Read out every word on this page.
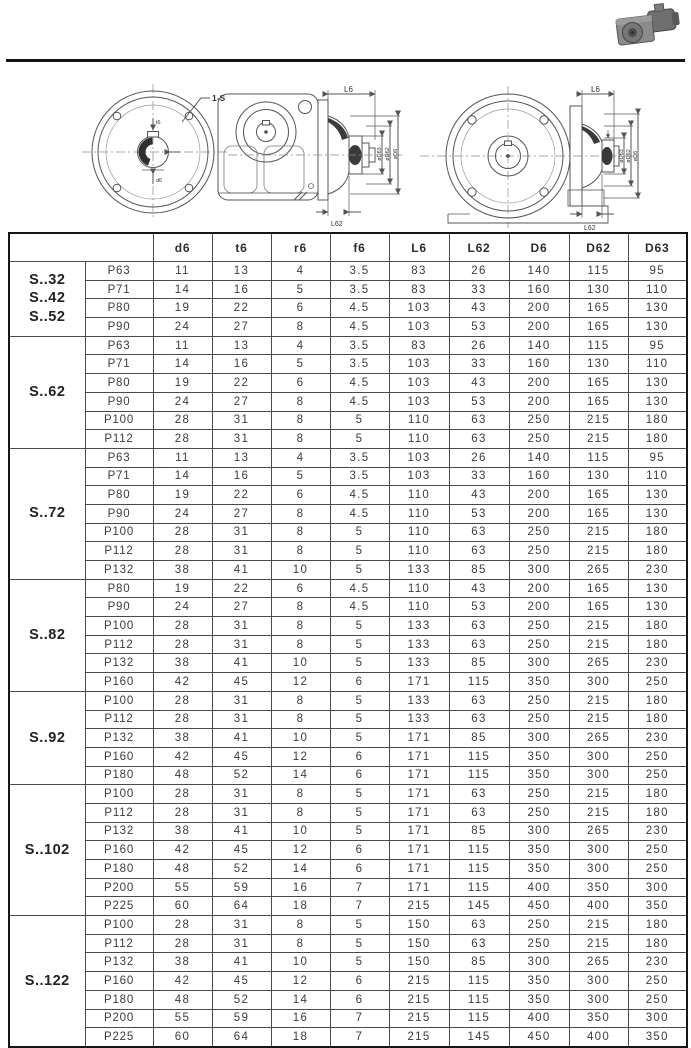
1-S
t6
d6
L6
L62
øD63 øD62 øD6
L6
L62
øD63 øD62 øD6
		d6	t6	r6	f6	L6	L62	D6	D62	D63

S..32
S..42
S..52	P63	11	13	4	3.5	83	26	140	115	95
	P71	14	16	5	3.5	83	33	160	130	110
	P80	19	22	6	4.5	103	43	200	165	130
	P90	24	27	8	4.5	103	53	200	165	130

S..62	P63	11	13	4	3.5	83	26	140	115	95
	P71	14	16	5	3.5	103	33	160	130	110
	P80	19	22	6	4.5	103	43	200	165	130
	P90	24	27	8	4.5	103	53	200	165	130
	P100	28	31	8	5	110	63	250	215	180
	P112	28	31	8	5	110	63	250	215	180

S..72	P63	11	13	4	3.5	103	26	140	115	95
	P71	14	16	5	3.5	103	33	160	130	110
	P80	19	22	6	4.5	110	43	200	165	130
	P90	24	27	8	4.5	110	53	200	165	130
	P100	28	31	8	5	110	63	250	215	180
	P112	28	31	8	5	110	63	250	215	180
	P132	38	41	10	5	133	85	300	265	230

S..82	P80	19	22	6	4.5	110	43	200	165	130
	P90	24	27	8	4.5	110	53	200	165	130
	P100	28	31	8	5	133	63	250	215	180
	P112	28	31	8	5	133	63	250	215	180
	P132	38	41	10	5	133	85	300	265	230
	P160	42	45	12	6	171	115	350	300	250

S..92	P100	28	31	8	5	133	63	250	215	180
	P112	28	31	8	5	133	63	250	215	180
	P132	38	41	10	5	171	85	300	265	230
	P160	42	45	12	6	171	115	350	300	250
	P180	48	52	14	6	171	115	350	300	250

S..102	P100	28	31	8	5	171	63	250	215	180
	P112	28	31	8	5	171	63	250	215	180
	P132	38	41	10	5	171	85	300	265	230
	P160	42	45	12	6	171	115	350	300	250
	P180	48	52	14	6	171	115	350	300	250
	P200	55	59	16	7	171	115	400	350	300
	P225	60	64	18	7	215	145	450	400	350

S..122	P100	28	31	8	5	150	63	250	215	180
	P112	28	31	8	5	150	63	250	215	180
	P132	38	41	10	5	150	85	300	265	230
	P160	42	45	12	6	215	115	350	300	250
	P180	48	52	14	6	215	115	350	300	250
	P200	55	59	16	7	215	115	400	350	300
	P225	60	64	18	7	215	145	450	400	350
